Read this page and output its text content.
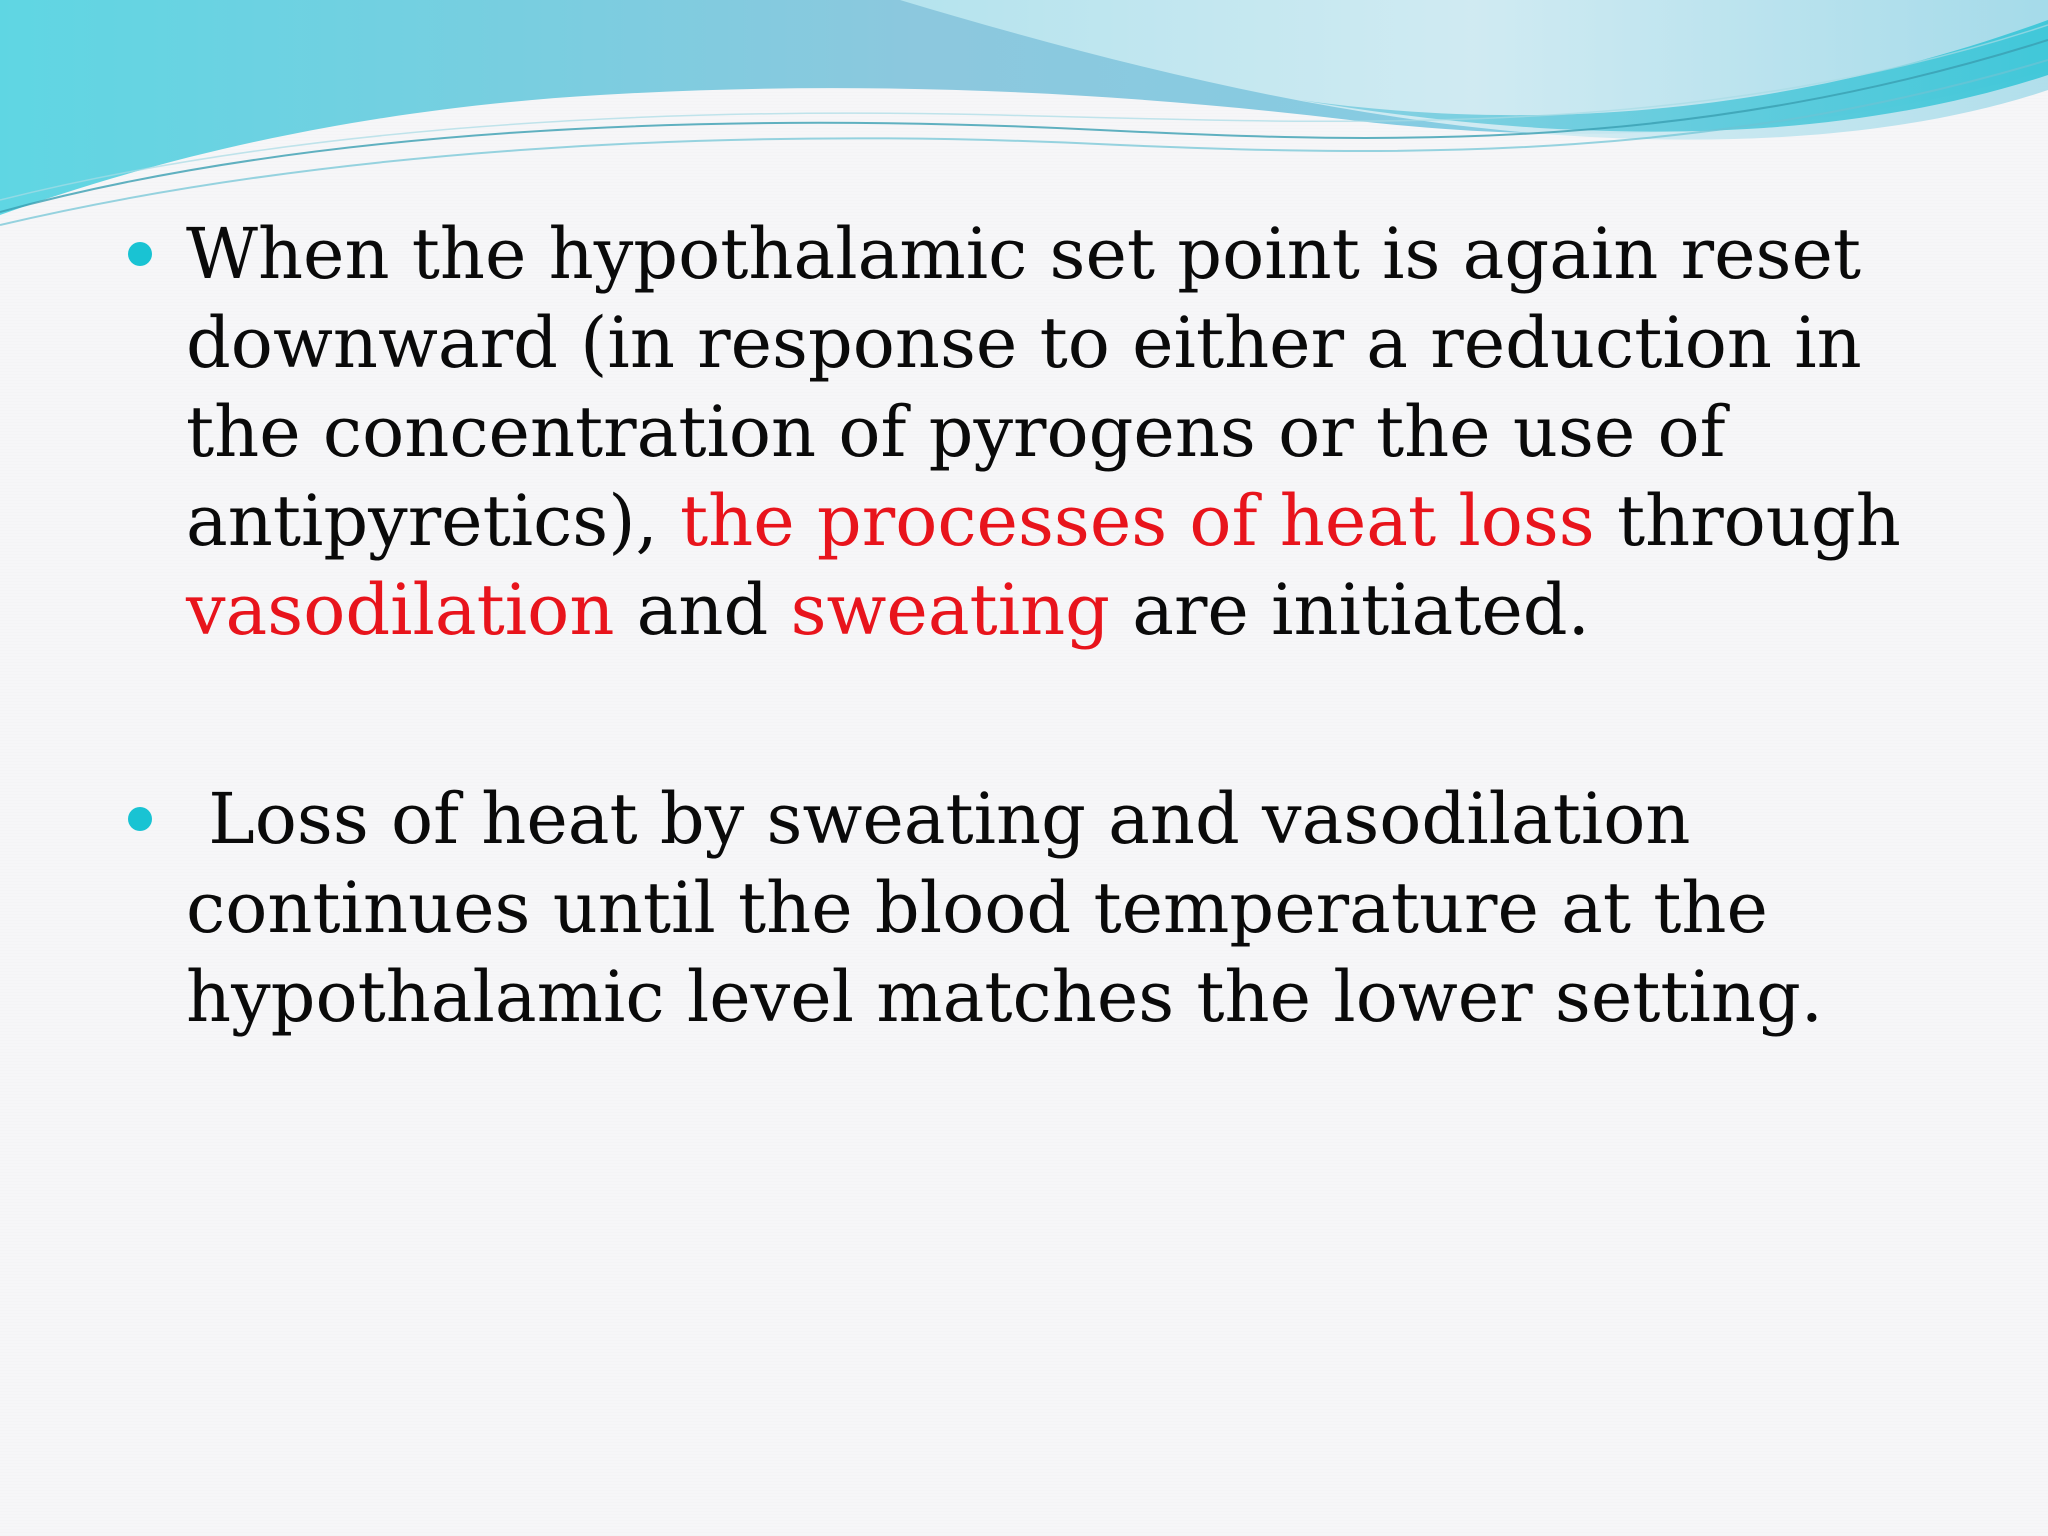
When the hypothalamic set point is again reset downward (in response to either a reduction in the concentration of pyrogens or the use of antipyretics), the processes of heat loss through vasodilation and sweating are initiated.
Loss of heat by sweating and vasodilation continues until the blood temperature at the hypothalamic level matches the lower setting.
